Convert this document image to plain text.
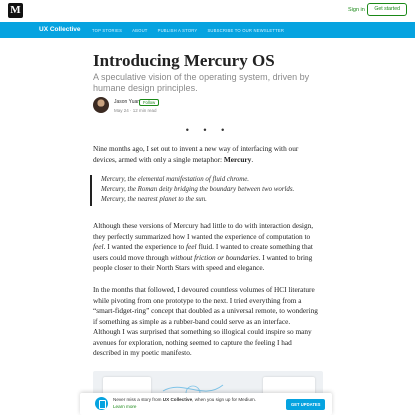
M	Sign in	Get started
UX Collective	TOP STORIES ABOUT PUBLISH A STORY SUBSCRIBE TO OUR NEWSLETTER
Introducing Mercury OS

A speculative vision of the operating system, driven by humane design principles.

Jason Yuan Follow
May 24 · 12 min read
• • •

Nine months ago, I set out to invent a new way of interfacing with our devices, armed with only a single metaphor: Mercury.

Mercury, the elemental manifestation of fluid chrome.
Mercury, the Roman deity bridging the boundary between two worlds.
Mercury, the nearest planet to the sun.

Although these versions of Mercury had little to do with interaction design, they perfectly summarized how I wanted the experience of computation to feel. I wanted the experience to feel fluid. I wanted to create something that users could move through without friction or boundaries. I wanted to bring people closer to their North Stars with speed and elegance.

In the months that followed, I devoured countless volumes of HCI literature while pivoting from one prototype to the next. I tried everything from a “smart-fidget-ring” concept that doubled as a universal remote, to wondering if something as simple as a rubber-band could serve as an interface. Although I was surprised that something so illogical could inspire so many avenues for exploration, nothing seemed to capture the feeling I had described in my poetic manifesto.

Never miss a story from UX Collective, when you sign up for Medium. Learn more	GET UPDATES
